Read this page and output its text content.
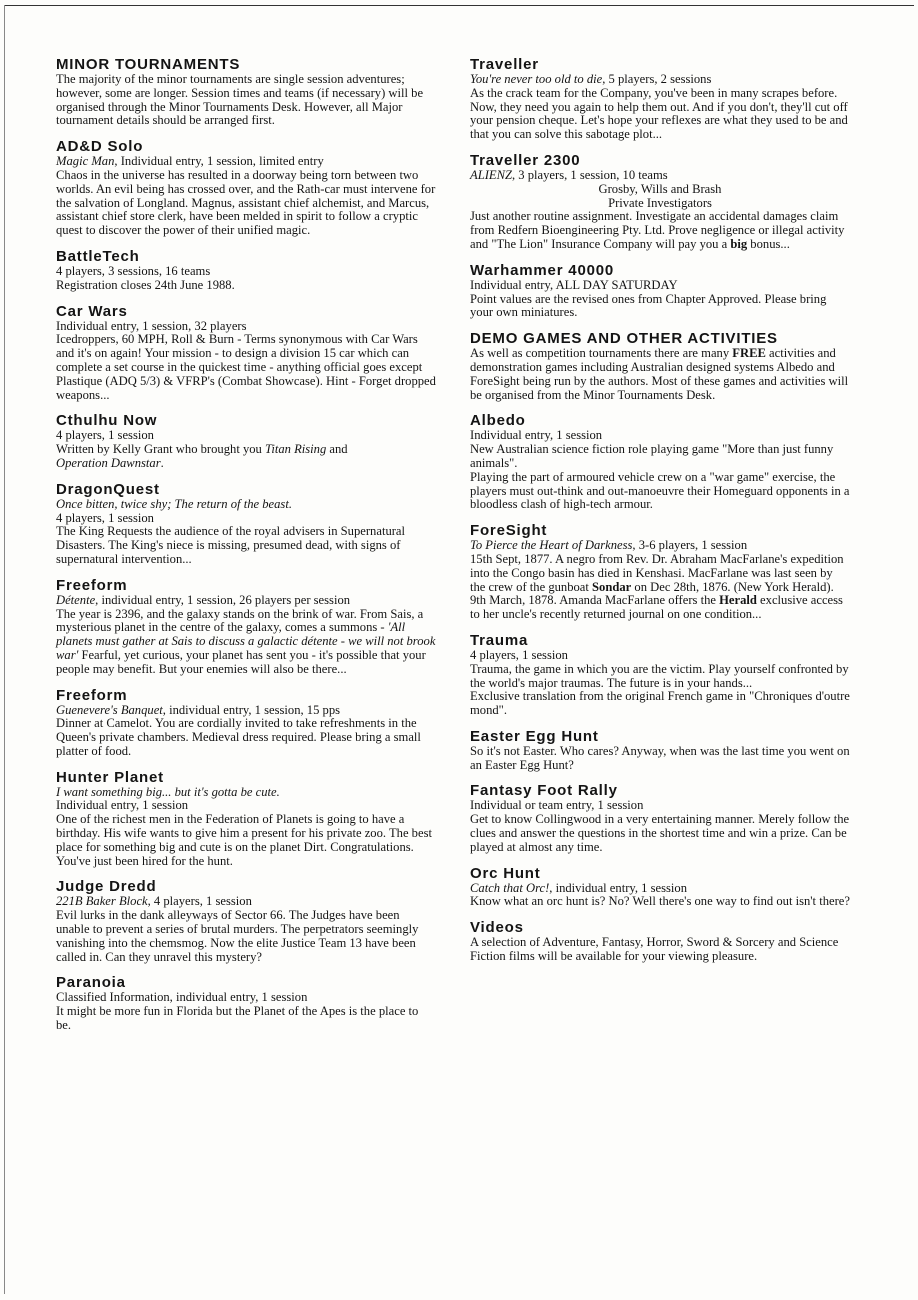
MINOR TOURNAMENTS

The majority of the minor tournaments are single session adventures; however, some are longer. Session times and teams (if necessary) will be organised through the Minor Tournaments Desk. However, all Major tournament details should be arranged first.

AD&D Solo

Magic Man, Individual entry, 1 session, limited entry

Chaos in the universe has resulted in a doorway being torn between two worlds. An evil being has crossed over, and the Rath-car must intervene for the salvation of Longland. Magnus, assistant chief alchemist, and Marcus, assistant chief store clerk, have been melded in spirit to follow a cryptic quest to discover the power of their unified magic.

BattleTech

4 players, 3 sessions, 16 teams

Registration closes 24th June 1988.

Car Wars

Individual entry, 1 session, 32 players

Icedroppers, 60 MPH, Roll & Burn - Terms synonymous with Car Wars and it's on again! Your mission - to design a division 15 car which can complete a set course in the quickest time - anything official goes except Plastique (ADQ 5/3) & VFRP's (Combat Showcase). Hint - Forget dropped weapons...

Cthulhu Now

4 players, 1 session

Written by Kelly Grant who brought you Titan Rising and

Operation Dawnstar.

DragonQuest

Once bitten, twice shy; The return of the beast.

4 players, 1 session

The King Requests the audience of the royal advisers in Supernatural Disasters. The King's niece is missing, presumed dead, with signs of supernatural intervention...

Freeform

Détente, individual entry, 1 session, 26 players per session

The year is 2396, and the galaxy stands on the brink of war. From Sais, a mysterious planet in the centre of the galaxy, comes a summons - 'All planets must gather at Sais to discuss a galactic détente - we will not brook war' Fearful, yet curious, your planet has sent you - it's possible that your people may benefit. But your enemies will also be there...

Freeform

Guenevere's Banquet, individual entry, 1 session, 15 pps

Dinner at Camelot. You are cordially invited to take refreshments in the Queen's private chambers. Medieval dress required. Please bring a small platter of food.

Hunter Planet

I want something big... but it's gotta be cute.

Individual entry, 1 session

One of the richest men in the Federation of Planets is going to have a birthday. His wife wants to give him a present for his private zoo. The best place for something big and cute is on the planet Dirt. Congratulations. You've just been hired for the hunt.

Judge Dredd

221B Baker Block, 4 players, 1 session

Evil lurks in the dank alleyways of Sector 66. The Judges have been unable to prevent a series of brutal murders. The perpetrators seemingly vanishing into the chemsmog. Now the elite Justice Team 13 have been called in. Can they unravel this mystery?

Paranoia

Classified Information, individual entry, 1 session

It might be more fun in Florida but the Planet of the Apes is the place to be.

Traveller

You're never too old to die, 5 players, 2 sessions

As the crack team for the Company, you've been in many scrapes before. Now, they need you again to help them out. And if you don't, they'll cut off your pension cheque. Let's hope your reflexes are what they used to be and that you can solve this sabotage plot...

Traveller 2300

ALIENZ, 3 players, 1 session, 10 teams

Grosby, Wills and Brash

Private Investigators

Just another routine assignment. Investigate an accidental damages claim from Redfern Bioengineering Pty. Ltd. Prove negligence or illegal activity and "The Lion" Insurance Company will pay you a big bonus...

Warhammer 40000

Individual entry, ALL DAY SATURDAY

Point values are the revised ones from Chapter Approved. Please bring your own miniatures.

DEMO GAMES AND OTHER ACTIVITIES

As well as competition tournaments there are many FREE activities and demonstration games including Australian designed systems Albedo and ForeSight being run by the authors. Most of these games and activities will be organised from the Minor Tournaments Desk.

Albedo

Individual entry, 1 session

New Australian science fiction role playing game "More than just funny animals".

Playing the part of armoured vehicle crew on a "war game" exercise, the players must out-think and out-manoeuvre their Homeguard opponents in a bloodless clash of high-tech armour.

ForeSight

To Pierce the Heart of Darkness, 3-6 players, 1 session

15th Sept, 1877. A negro from Rev. Dr. Abraham MacFarlane's expedition into the Congo basin has died in Kenshasi. MacFarlane was last seen by the crew of the gunboat Sondar on Dec 28th, 1876. (New York Herald).

9th March, 1878. Amanda MacFarlane offers the Herald exclusive access to her uncle's recently returned journal on one condition...

Trauma

4 players, 1 session

Trauma, the game in which you are the victim. Play yourself confronted by the world's major traumas. The future is in your hands...

Exclusive translation from the original French game in "Chroniques d'outre mond".

Easter Egg Hunt

So it's not Easter. Who cares? Anyway, when was the last time you went on an Easter Egg Hunt?

Fantasy Foot Rally

Individual or team entry, 1 session

Get to know Collingwood in a very entertaining manner. Merely follow the clues and answer the questions in the shortest time and win a prize. Can be played at almost any time.

Orc Hunt

Catch that Orc!, individual entry, 1 session

Know what an orc hunt is? No? Well there's one way to find out isn't there?

Videos

A selection of Adventure, Fantasy, Horror, Sword & Sorcery and Science Fiction films will be available for your viewing pleasure.
